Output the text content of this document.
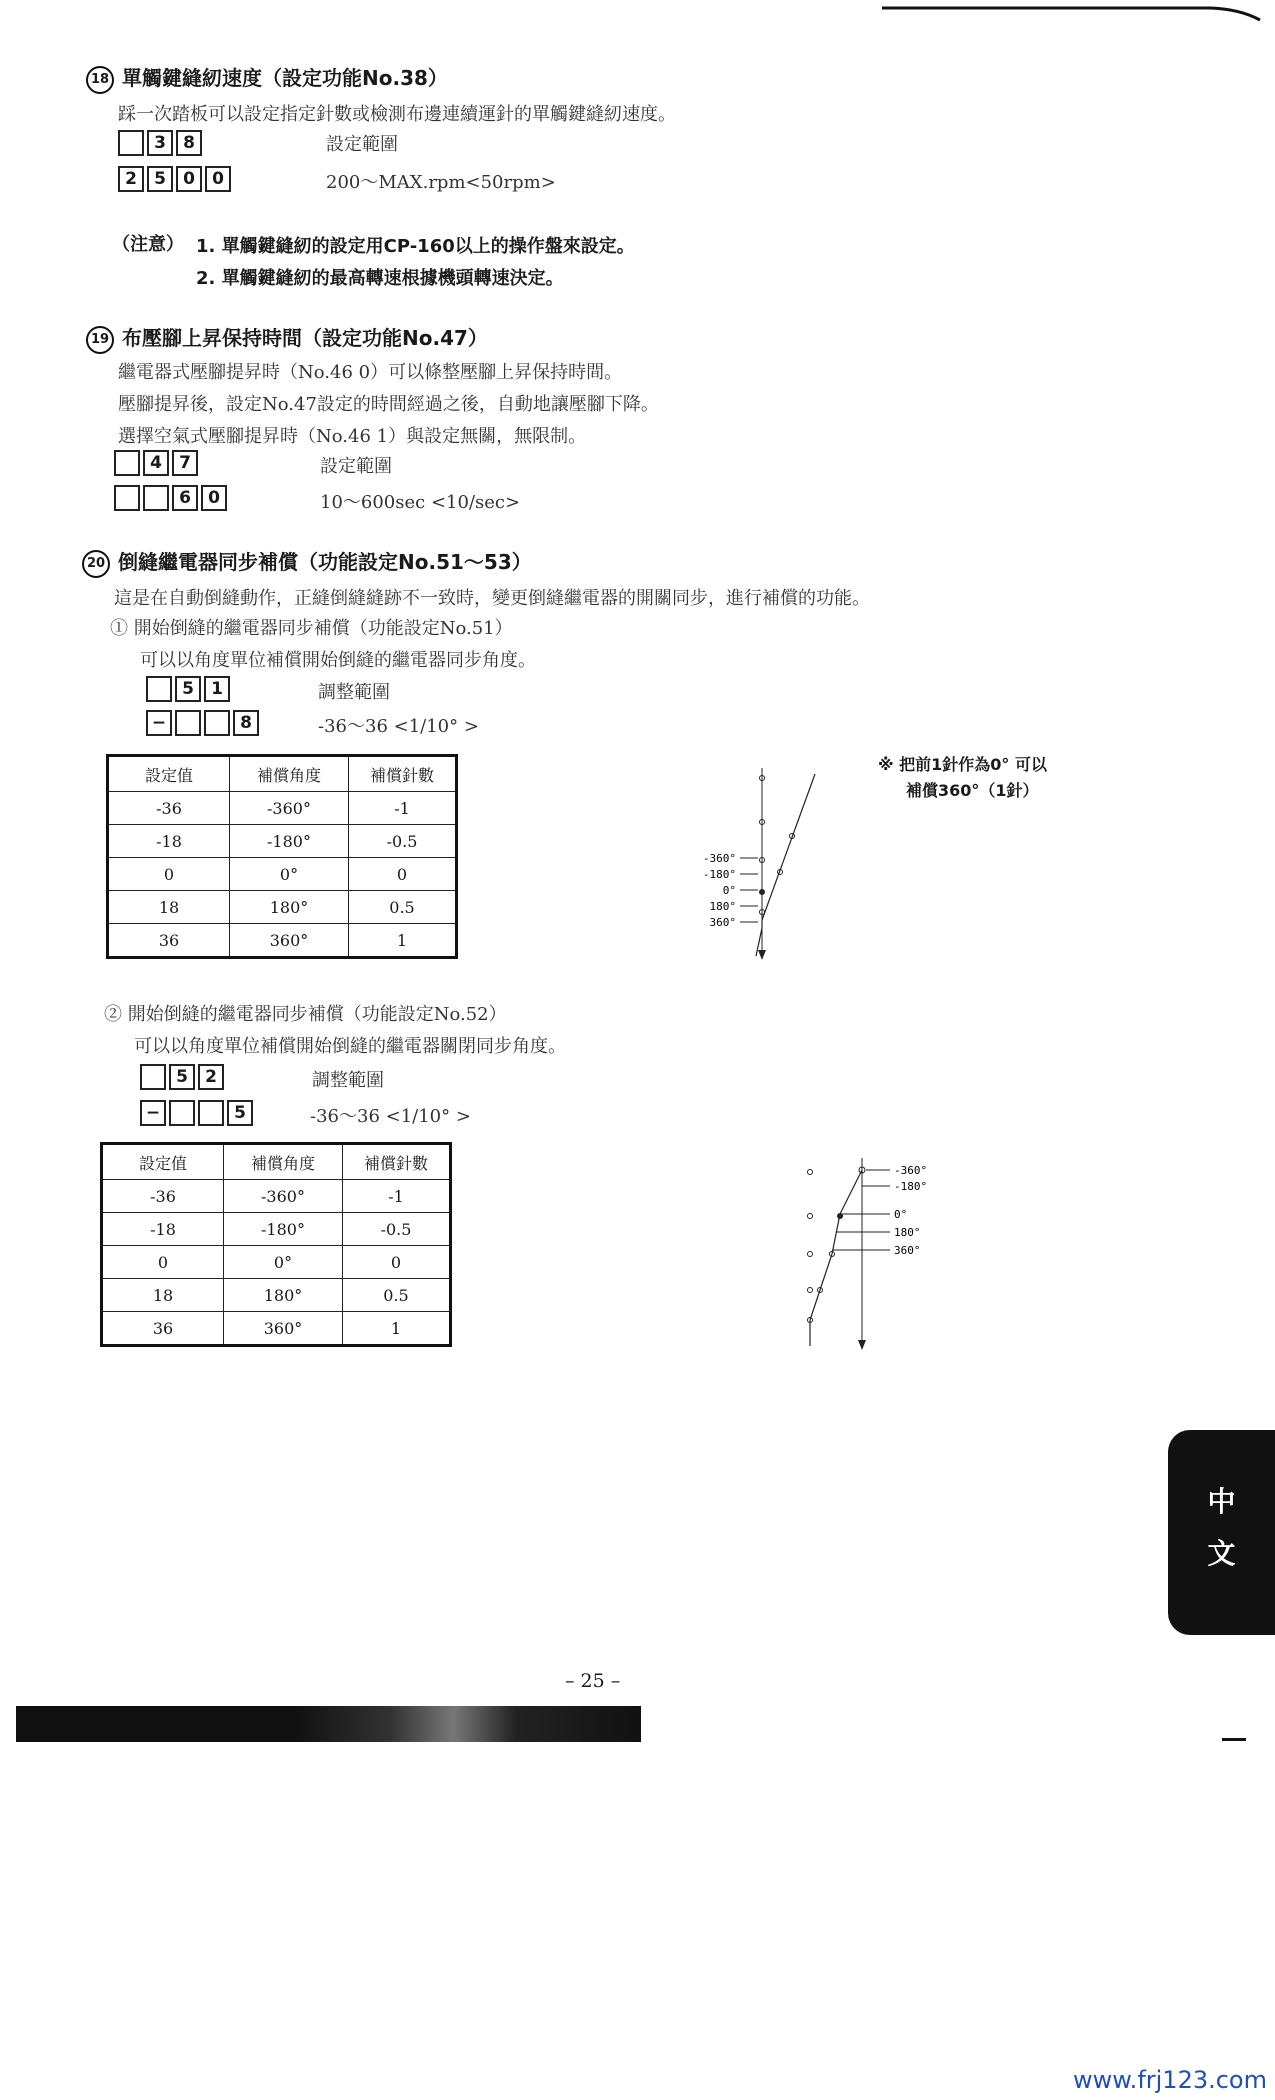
18 單觸鍵縫紉速度（設定功能No.38）
踩一次踏板可以設定指定針數或檢測布邊連續運針的單觸鍵縫紉速度。
3	8	設定範圍
2	5	0	0	200〜MAX.rpm<50rpm>
（注意） 1. 單觸鍵縫紉的設定用CP-160以上的操作盤來設定。
2. 單觸鍵縫紉的最高轉速根據機頭轉速決定。
19 布壓腳上昇保持時間（設定功能No.47）
繼電器式壓腳提昇時（No.46 0）可以條整壓腳上昇保持時間。
壓腳提昇後，設定No.47設定的時間經過之後，自動地讓壓腳下降。
選擇空氣式壓腳提昇時（No.46 1）與設定無關，無限制。
4	7	設定範圍
6	0	10〜600sec <10/sec>
20 倒縫繼電器同步補償（功能設定No.51〜53）
這是在自動倒縫動作，正縫倒縫縫跡不一致時，變更倒縫繼電器的開關同步，進行補償的功能。
① 開始倒縫的繼電器同步補償（功能設定No.51）
可以以角度單位補償開始倒縫的繼電器同步角度。
5	1	調整範圍
−	8	-36〜36 <1/10° >
設定值	補償角度	補償針數
-36	-360°	-1
-18	-180°	-0.5
0	0°	0
18	180°	0.5
36	360°	1
-360°
-180°
0°
180°
360°
※ 把前1針作為0° 可以
補償360°（1針）
② 開始倒縫的繼電器同步補償（功能設定No.52）
可以以角度單位補償開始倒縫的繼電器關閉同步角度。
5	2	調整範圍
−	5	-36〜36 <1/10° >
設定值	補償角度	補償針數
-36	-360°	-1
-18	-180°	-0.5
0	0°	0
18	180°	0.5
36	360°	1
-360°
-180°
0°
180°
360°
中
文
– 25 –
www.frj123.com
